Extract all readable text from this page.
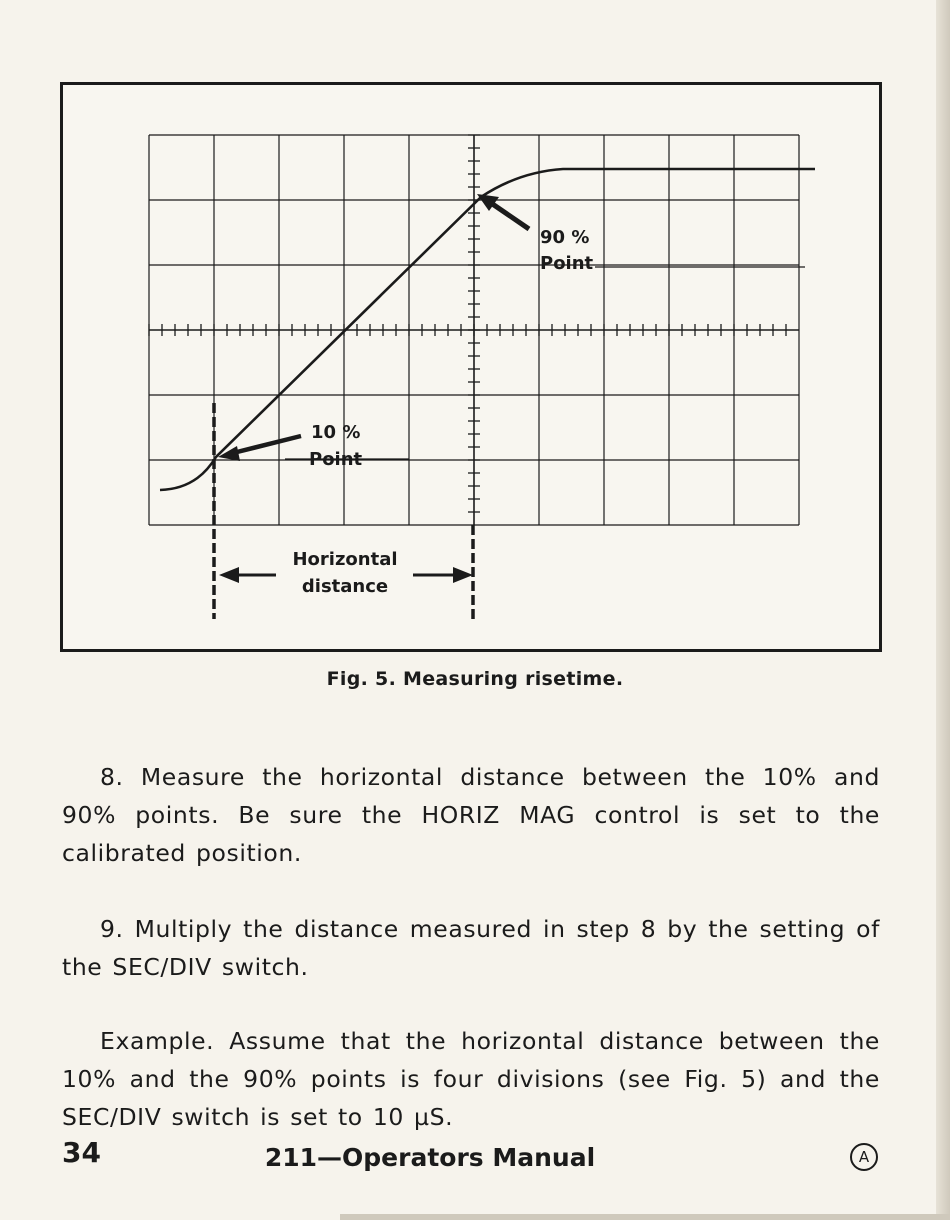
90 %
Point
10 %
Point
Horizontal
distance
Fig. 5. Measuring risetime.
8. Measure the horizontal distance between the 10% and 90% points. Be sure the HORIZ MAG control is set to the calibrated position.
9. Multiply the distance measured in step 8 by the setting of the SEC/DIV switch.
Example. Assume that the horizontal distance between the 10% and the 90% points is four divisions (see Fig. 5) and the SEC/DIV switch is set to 10 µS.
34	211—Operators Manual	A
